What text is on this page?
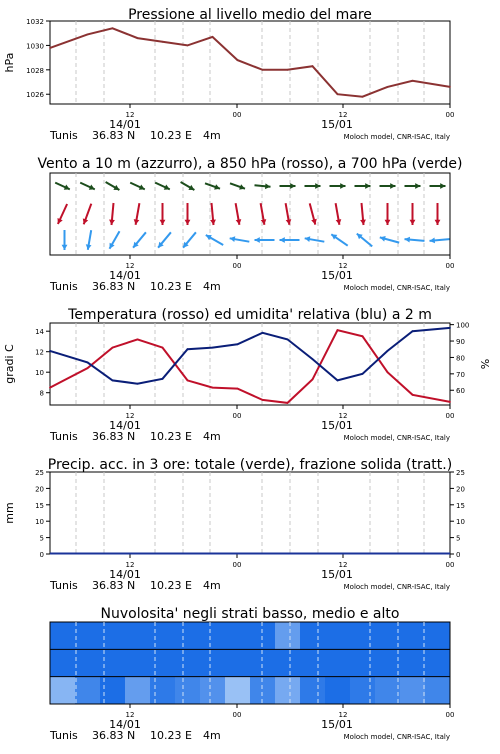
Pressione al livello medio del mare
12	00	12	00
14/01	15/01
Tunis 36.83 N 10.23 E 4m	Moloch model, CNR-ISAC, Italy
1026
1028
1030
1032
hPa
Vento a 10 m (azzurro), a 850 hPa (rosso), a 700 hPa (verde)
12	00	12	00
14/01	15/01
Tunis 36.83 N 10.23 E 4m	Moloch model, CNR-ISAC, Italy
Temperatura (rosso) ed umidita' relativa (blu) a 2 m
12	00	12	00
14/01	15/01
Tunis 36.83 N 10.23 E 4m	Moloch model, CNR-ISAC, Italy
8
10
12
14
60
70
80
90
100
gradi C	%
Precip. acc. in 3 ore: totale (verde), frazione solida (tratt.)
12	00	12	00
14/01	15/01
Tunis 36.83 N 10.23 E 4m	Moloch model, CNR-ISAC, Italy
0
5
10
15
20
25
0
5
10
15
20
25
mm
Nuvolosita' negli strati basso, medio e alto
12	00	12	00
14/01	15/01
Tunis 36.83 N 10.23 E 4m	Moloch model, CNR-ISAC, Italy
